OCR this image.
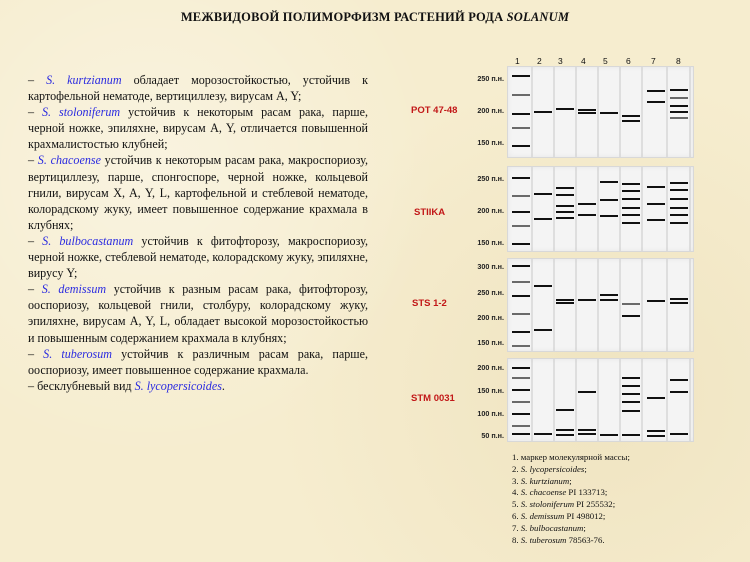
МЕЖВИДОВОЙ ПОЛИМОРФИЗМ РАСТЕНИЙ РОДА SOLANUM

– S. kurtzianum обладает морозостойкостью, устойчив к картофельной нематоде, вертициллезу, вирусам A, Y;

– S. stoloniferum устойчив к некоторым расам рака, парше, черной ножке, эпиляхне, вирусам A, Y, отличается повышенной крахмалистостью клубней;

– S. chacoense устойчив к некоторым расам рака, макроспориозу, вертициллезу, парше, спонгоспоре, черной ножке, кольцевой гнили, вирусам X, A, Y, L, картофельной и стеблевой нематоде, колорадскому жуку, имеет повышенное содержание крахмала в клубнях;

– S. bulbocastanum устойчив к фитофторозу, макроспориозу, черной ножке, стеблевой нематоде, колорадскому жуку, эпиляхне, вирусу Y;

– S. demissum устойчив к разным расам рака, фитофторозу, ооспориозу, кольцевой гнили, столбуру, колорадскому жуку, эпиляхне, вирусам A, Y, L, обладает высокой морозостойкостью и повышенным содержанием крахмала в клубнях;

– S. tuberosum устойчив к различным расам рака, парше, ооспориозу, имеет повышенное содержание крахмала.

– бесклубневый вид S. lycopersicoides.

1 2 3 4 5 6 7 8
POT 47-48
STIIKA
STS 1-2
STM 0031
250 п.н.
200 п.н.
150 п.н.
250 п.н.
200 п.н.
150 п.н.
300 п.н.
250 п.н.
200 п.н.
150 п.н.
200 п.н.
150 п.н.
100 п.н.
50 п.н.
1. маркер молекулярной массы;
2. S. lycopersicoides;
3. S. kurtzianum;
4. S. chacoense PI 133713;
5. S. stoloniferum PI 255532;
6. S. demissum PI 498012;
7. S. bulbocastanum;
8. S. tuberosum 78563-76.
